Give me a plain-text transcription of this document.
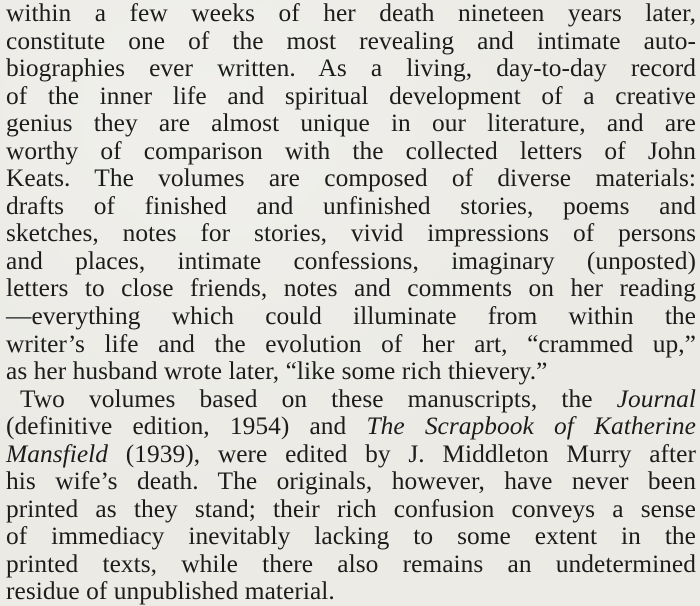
within a few weeks of her death nineteen years later,
constitute one of the most revealing and intimate auto-
biographies ever written. As a living, day-to-day record
of the inner life and spiritual development of a creative
genius they are almost unique in our literature, and are
worthy of comparison with the collected letters of John
Keats. The volumes are composed of diverse materials:
drafts of finished and unfinished stories, poems and
sketches, notes for stories, vivid impressions of persons
and places, intimate confessions, imaginary (unposted)
letters to close friends, notes and comments on her reading
—everything which could illuminate from within the
writer’s life and the evolution of her art, “crammed up,”
as her husband wrote later, “like some rich thievery.”
Two volumes based on these manuscripts, the Journal
(definitive edition, 1954) and The Scrapbook of Katherine
Mansfield (1939), were edited by J. Middleton Murry after
his wife’s death. The originals, however, have never been
printed as they stand; their rich confusion conveys a sense
of immediacy inevitably lacking to some extent in the
printed texts, while there also remains an undetermined
residue of unpublished material.
